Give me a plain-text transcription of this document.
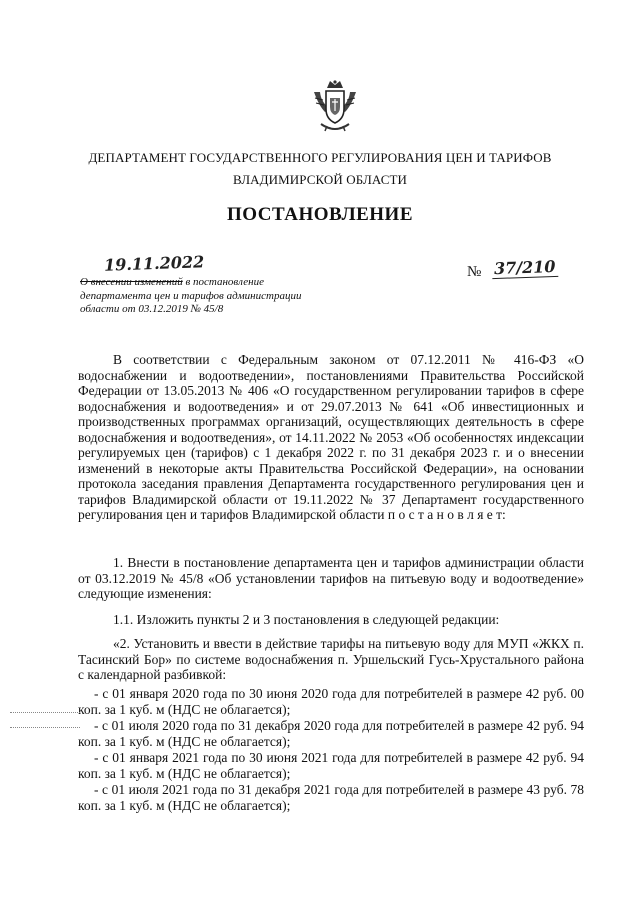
ДЕПАРТАМЕНТ ГОСУДАРСТВЕННОГО РЕГУЛИРОВАНИЯ ЦЕН И ТАРИФОВ
ВЛАДИМИРСКОЙ ОБЛАСТИ
ПОСТАНОВЛЕНИЕ
19.11.2022	№ 37/210
О внесении изменений в постановление департамента цен и тарифов администрации области от 03.12.2019 № 45/8
В соответствии с Федеральным законом от 07.12.2011 № 416-ФЗ «О водоснабжении и водоотведении», постановлениями Правительства Российской Федерации от 13.05.2013 № 406 «О государственном регулировании тарифов в сфере водоснабжения и водоотведения» и от 29.07.2013 № 641 «Об инвестиционных и производственных программах организаций, осуществляющих деятельность в сфере водоснабжения и водоотведения», от 14.11.2022 № 2053 «Об особенностях индексации регулируемых цен (тарифов) с 1 декабря 2022 г. по 31 декабря 2023 г. и о внесении изменений в некоторые акты Правительства Российской Федерации», на основании протокола заседания правления Департамента государственного регулирования цен и тарифов Владимирской области от 19.11.2022 № 37 Департамент государственного регулирования цен и тарифов Владимирской области п о с т а н о в л я е т:
1. Внести в постановление департамента цен и тарифов администрации области от 03.12.2019 № 45/8 «Об установлении тарифов на питьевую воду и водоотведение» следующие изменения:
1.1. Изложить пункты 2 и 3 постановления в следующей редакции:
«2. Установить и ввести в действие тарифы на питьевую воду для МУП «ЖКХ п. Тасинский Бор» по системе водоснабжения п. Уршельский Гусь-Хрустального района с календарной разбивкой:
- с 01 января 2020 года по 30 июня 2020 года для потребителей в размере 42 руб. 00 коп. за 1 куб. м (НДС не облагается);
- с 01 июля 2020 года по 31 декабря 2020 года для потребителей в размере 42 руб. 94 коп. за 1 куб. м (НДС не облагается);
- с 01 января 2021 года по 30 июня 2021 года для потребителей в размере 42 руб. 94 коп. за 1 куб. м (НДС не облагается);
- с 01 июля 2021 года по 31 декабря 2021 года для потребителей в размере 43 руб. 78 коп. за 1 куб. м (НДС не облагается);
